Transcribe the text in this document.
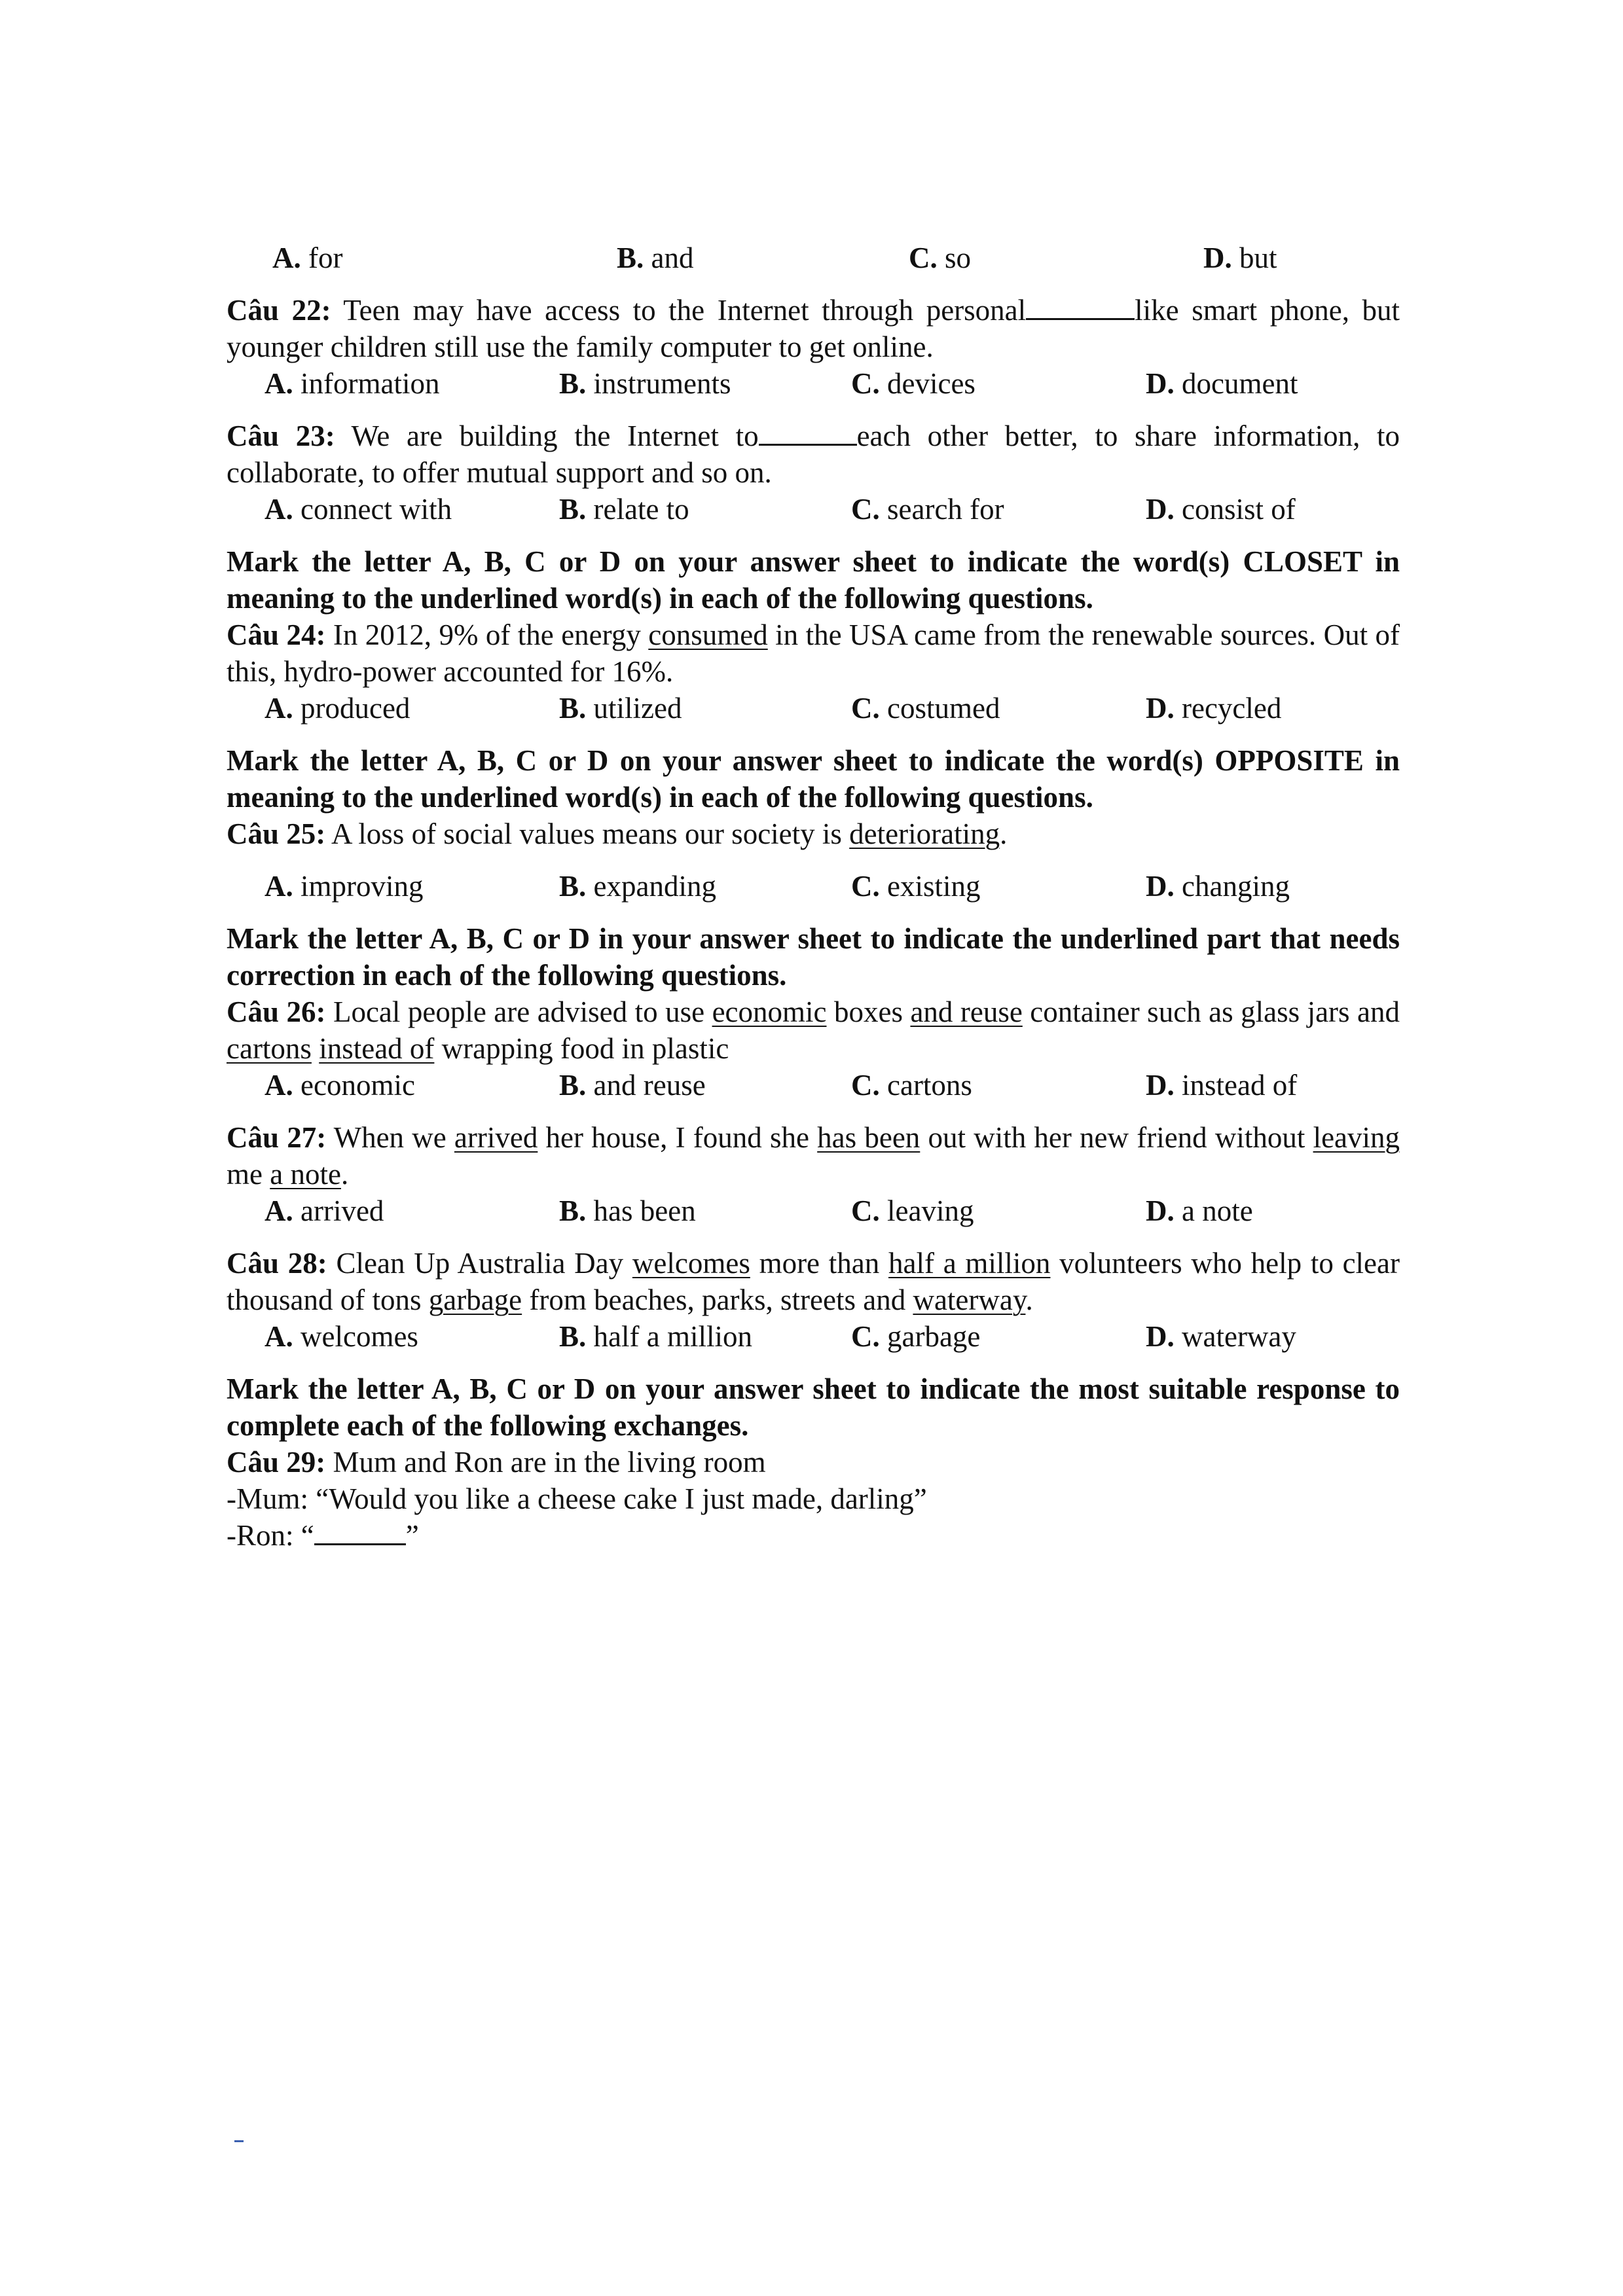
A. for	B. and	C. so	D. but

Câu 22: Teen may have access to the Internet through personal	like smart phone, but younger children still use the family computer to get online.

A. information	B. instruments	C. devices	D. document

Câu 23: We are building the Internet to	each other better, to share information, to collaborate, to offer mutual support and so on.

A. connect with	B. relate to	C. search for	D. consist of

Mark the letter A, B, C or D on your answer sheet to indicate the word(s) CLOSET in meaning to the underlined word(s) in each of the following questions.

Câu 24: In 2012, 9% of the energy consumed in the USA came from the renewable sources. Out of this, hydro-power accounted for 16%.

A. produced	B. utilized	C. costumed	D. recycled

Mark the letter A, B, C or D on your answer sheet to indicate the word(s) OPPOSITE in meaning to the underlined word(s) in each of the following questions.

Câu 25: A loss of social values means our society is deteriorating.

A. improving	B. expanding	C. existing	D. changing

Mark the letter A, B, C or D in your answer sheet to indicate the underlined part that needs correction in each of the following questions.

Câu 26: Local people are advised to use economic boxes and reuse container such as glass jars and cartons instead of wrapping food in plastic

A. economic	B. and reuse	C. cartons	D. instead of

Câu 27: When we arrived her house, I found she has been out with her new friend without leaving me a note.

A. arrived	B. has been	C. leaving	D. a note

Câu 28: Clean Up Australia Day welcomes more than half a million volunteers who help to clear thousand of tons garbage from beaches, parks, streets and waterway.

A. welcomes	B. half a million	C. garbage	D. waterway

Mark the letter A, B, C or D on your answer sheet to indicate the most suitable response to complete each of the following exchanges.

Câu 29: Mum and Ron are in the living room

-Mum: “Would you like a cheese cake I just made, darling”

-Ron: “	”
